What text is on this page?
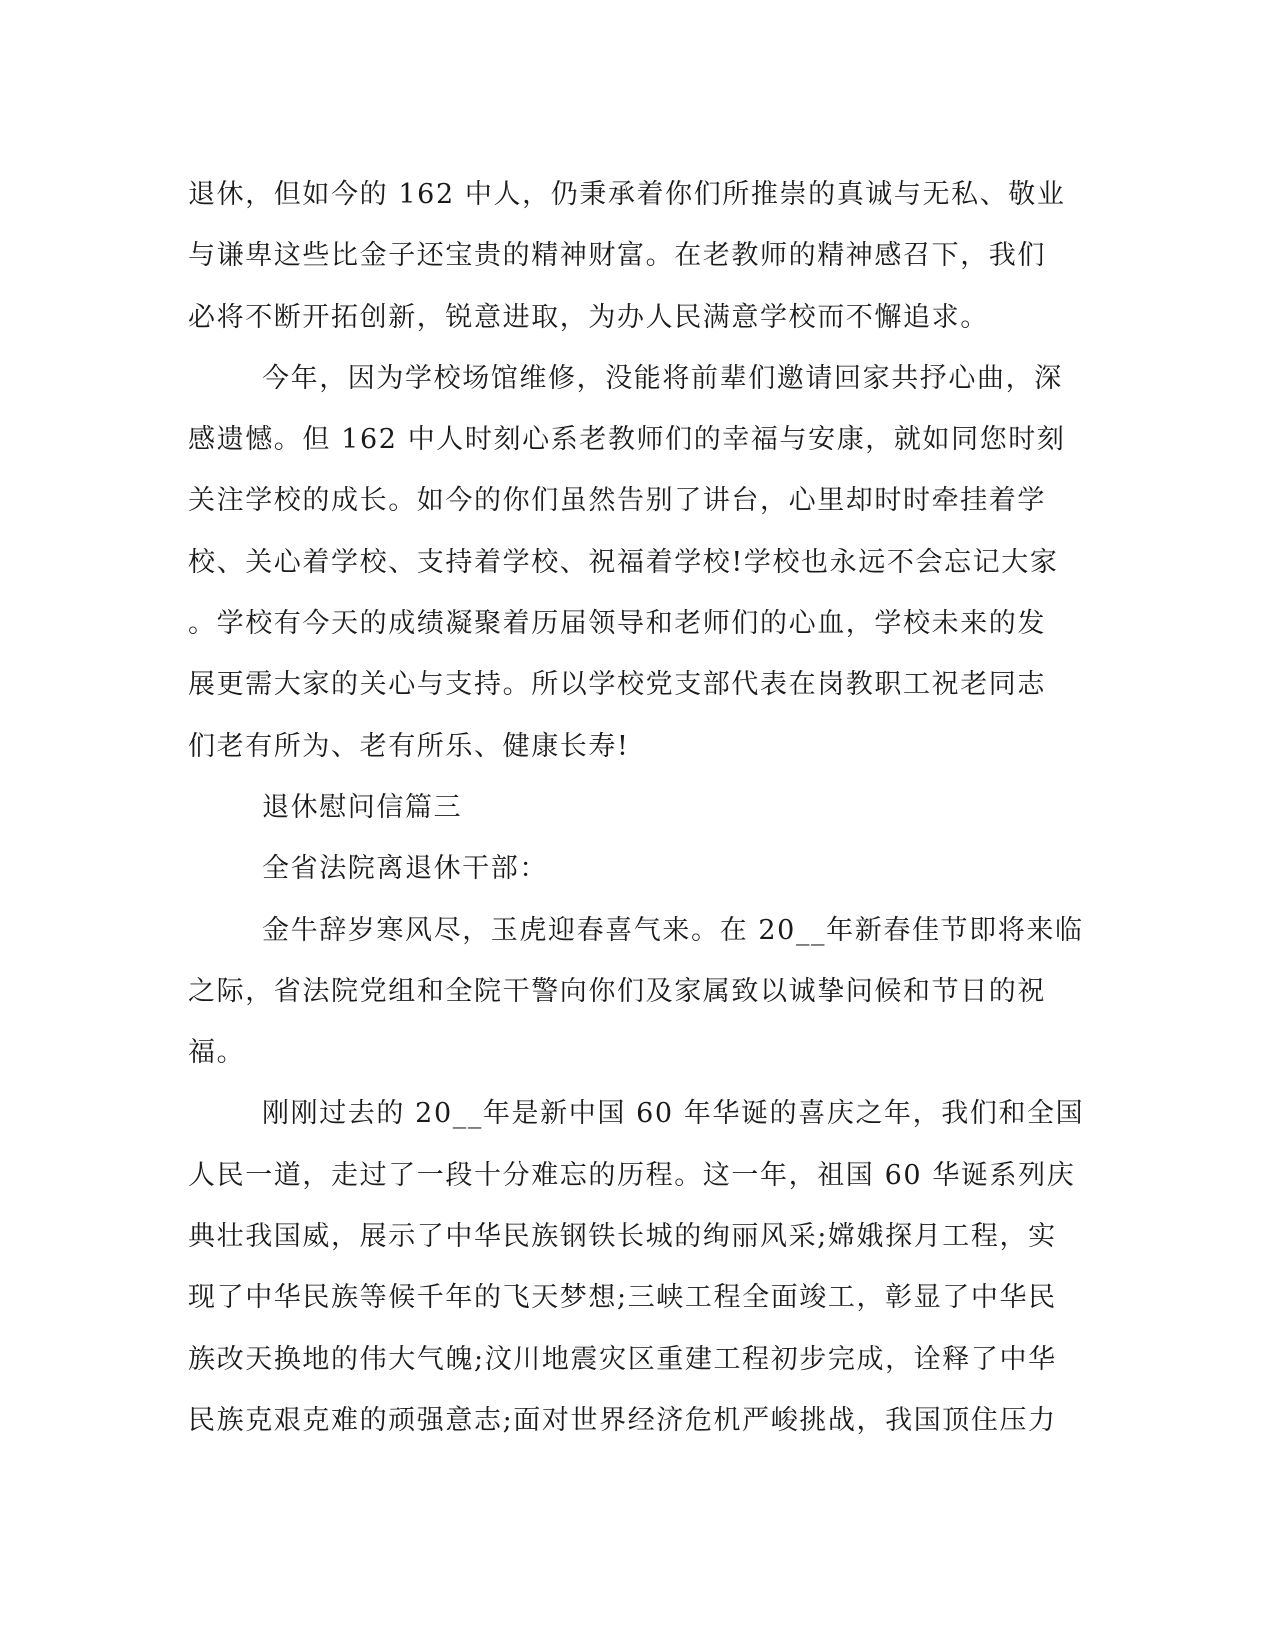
退休，但如今的 162 中人，仍秉承着你们所推崇的真诚与无私、敬业
与谦卑这些比金子还宝贵的精神财富。在老教师的精神感召下，我们
必将不断开拓创新，锐意进取，为办人民满意学校而不懈追求。
今年，因为学校场馆维修，没能将前辈们邀请回家共抒心曲，深
感遗憾。但 162 中人时刻心系老教师们的幸福与安康，就如同您时刻
关注学校的成长。如今的你们虽然告别了讲台，心里却时时牵挂着学
校、关心着学校、支持着学校、祝福着学校!学校也永远不会忘记大家
。学校有今天的成绩凝聚着历届领导和老师们的心血，学校未来的发
展更需大家的关心与支持。所以学校党支部代表在岗教职工祝老同志
们老有所为、老有所乐、健康长寿!
退休慰问信篇三
全省法院离退休干部：
金牛辞岁寒风尽，玉虎迎春喜气来。在 20__年新春佳节即将来临
之际，省法院党组和全院干警向你们及家属致以诚挚问候和节日的祝
福。
刚刚过去的 20__年是新中国 60 年华诞的喜庆之年，我们和全国
人民一道，走过了一段十分难忘的历程。这一年，祖国 60 华诞系列庆
典壮我国威，展示了中华民族钢铁长城的绚丽风采;嫦娥探月工程，实
现了中华民族等候千年的飞天梦想;三峡工程全面竣工，彰显了中华民
族改天换地的伟大气魄;汶川地震灾区重建工程初步完成，诠释了中华
民族克艰克难的顽强意志;面对世界经济危机严峻挑战，我国顶住压力
